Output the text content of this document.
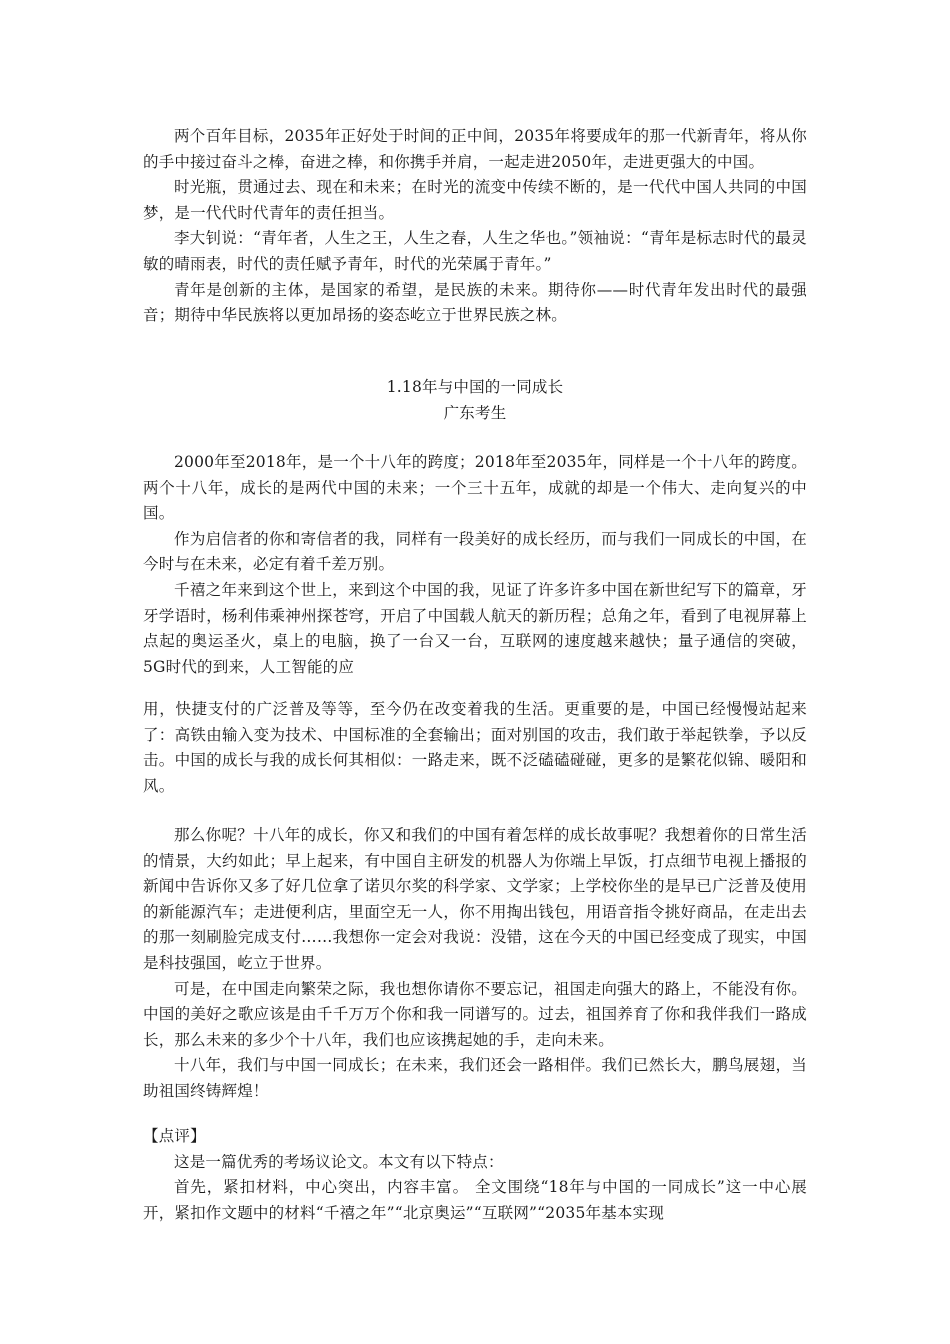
两个百年目标，2035年正好处于时间的正中间，2035年将要成年的那一代新青年，将从你的手中接过奋斗之棒，奋进之棒，和你携手并肩，一起走进2050年，走进更强大的中国。

时光瓶，贯通过去、现在和未来；在时光的流变中传续不断的，是一代代中国人共同的中国梦，是一代代时代青年的责任担当。

李大钊说：“青年者，人生之王，人生之春，人生之华也。”领袖说：“青年是标志时代的最灵敏的晴雨表，时代的责任赋予青年，时代的光荣属于青年。”

青年是创新的主体，是国家的希望，是民族的未来。期待你——时代青年发出时代的最强音；期待中华民族将以更加昂扬的姿态屹立于世界民族之林。

1.18年与中国的一同成长

广东考生

2000年至2018年，是一个十八年的跨度；2018年至2035年，同样是一个十八年的跨度。两个十八年，成长的是两代中国的未来；一个三十五年，成就的却是一个伟大、走向复兴的中国。

作为启信者的你和寄信者的我，同样有一段美好的成长经历，而与我们一同成长的中国，在今时与在未来，必定有着千差万别。

千禧之年来到这个世上，来到这个中国的我，见证了许多许多中国在新世纪写下的篇章，牙牙学语时，杨利伟乘神州探苍穹，开启了中国载人航天的新历程；总角之年，看到了电视屏幕上点起的奥运圣火，桌上的电脑，换了一台又一台，互联网的速度越来越快；量子通信的突破，5G时代的到来，人工智能的应

用，快捷支付的广泛普及等等，至今仍在改变着我的生活。更重要的是，中国已经慢慢站起来了：高铁由输入变为技术、中国标准的全套输出；面对别国的攻击，我们敢于举起铁拳，予以反击。中国的成长与我的成长何其相似：一路走来，既不泛磕磕碰碰，更多的是繁花似锦、暖阳和风。

那么你呢？十八年的成长，你又和我们的中国有着怎样的成长故事呢？我想着你的日常生活的情景，大约如此；早上起来，有中国自主研发的机器人为你端上早饭，打点细节电视上播报的新闻中告诉你又多了好几位拿了诺贝尔奖的科学家、文学家；上学校你坐的是早已广泛普及使用的新能源汽车；走进便利店，里面空无一人，你不用掏出钱包，用语音指令挑好商品，在走出去的那一刻刷脸完成支付……我想你一定会对我说：没错，这在今天的中国已经变成了现实，中国是科技强国，屹立于世界。

可是，在中国走向繁荣之际，我也想你请你不要忘记，祖国走向强大的路上，不能没有你。中国的美好之歌应该是由千千万万个你和我一同谱写的。过去，祖国养育了你和我伴我们一路成长，那么未来的多少个十八年，我们也应该携起她的手，走向未来。

十八年，我们与中国一同成长；在未来，我们还会一路相伴。我们已然长大，鹏鸟展翅，当助祖国终铸辉煌！

【点评】

这是一篇优秀的考场议论文。本文有以下特点：

首先，紧扣材料，中心突出，内容丰富。 全文围绕“18年与中国的一同成长”这一中心展开，紧扣作文题中的材料“千禧之年”“北京奥运”“互联网”“2035年基本实现
